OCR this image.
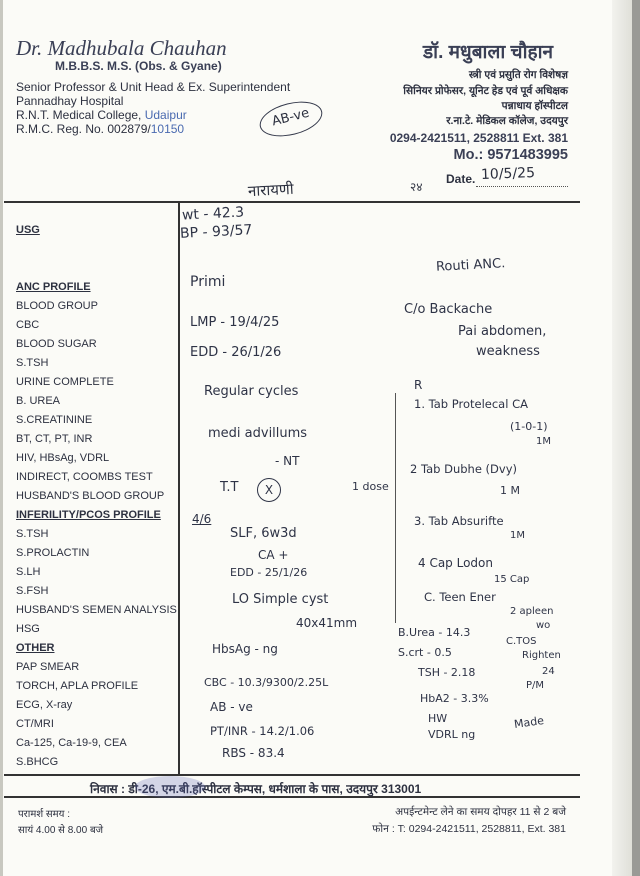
Dr. Madhubala Chauhan
M.B.B.S. M.S. (Obs. & Gyane)
Senior Professor & Unit Head & Ex. Superintendent
Pannadhay Hospital
R.N.T. Medical College, Udaipur
R.M.C. Reg. No. 002879/10150
डॉ. मधुबाला चौहान
स्त्री एवं प्रसुति रोग विशेषज्ञ
सिनियर प्रोफेसर, यूनिट हेड एवं पूर्व अधिक्षक
पन्नाधाय हॉस्पीटल
र.ना.टे. मेडिकल कॉलेज, उदयपुर
0294-2421511, 2528811 Ext. 381
Mo.: 9571483995
AB-ve
नारायणी	२४
Date. 10/5/25
USG
ANC PROFILE
BLOOD GROUP
CBC
BLOOD SUGAR
S.TSH
URINE COMPLETE
B. UREA
S.CREATININE
BT, CT, PT, INR
HIV, HBsAg, VDRL
INDIRECT, COOMBS TEST
HUSBAND'S BLOOD GROUP
INFERILITY/PCOS PROFILE
S.TSH
S.PROLACTIN
S.LH
S.FSH
HUSBAND'S SEMEN ANALYSIS
HSG
OTHER
PAP SMEAR
TORCH, APLA PROFILE
ECG, X-ray
CT/MRI
Ca-125, Ca-19-9, CEA
S.BHCG
wt - 42.3
BP - 93/57
Primi
LMP - 19/4/25
EDD - 26/1/26
Regular cycles
medi advillums
- NT
T.T	X	1 dose
4/6
SLF, 6w3d
CA +
EDD - 25/1/26
LO Simple cyst
40x41mm
HbsAg - ng
CBC - 10.3/9300/2.25L
AB - ve
PT/INR - 14.2/1.06
RBS - 83.4
Routi ANC.
C/o Backache
Pai abdomen,
weakness
R
1. Tab Protelecal CA
(1-0-1)
1M
2 Tab Dubhe (Dvy)
1 M
3. Tab Absurifte
1M
4 Cap Lodon
15 Cap
C. Teen Ener
2 apleen
wo
B.Urea - 14.3
C.TOS
S.crt - 0.5	Righten
TSH - 2.18	24
HbA2 - 3.3%
P/M
HW
VDRL ng
Made
निवास : डी-26, एम.बी.हॉस्पीटल केम्पस, धर्मशाला के पास, उदयपुर 313001
परामर्श समय :
सायं 4.00 से 8.00 बजे
अपईन्टमेन्ट लेने का समय दोपहर 11 से 2 बजे
फोन : T: 0294-2421511, 2528811, Ext. 381
